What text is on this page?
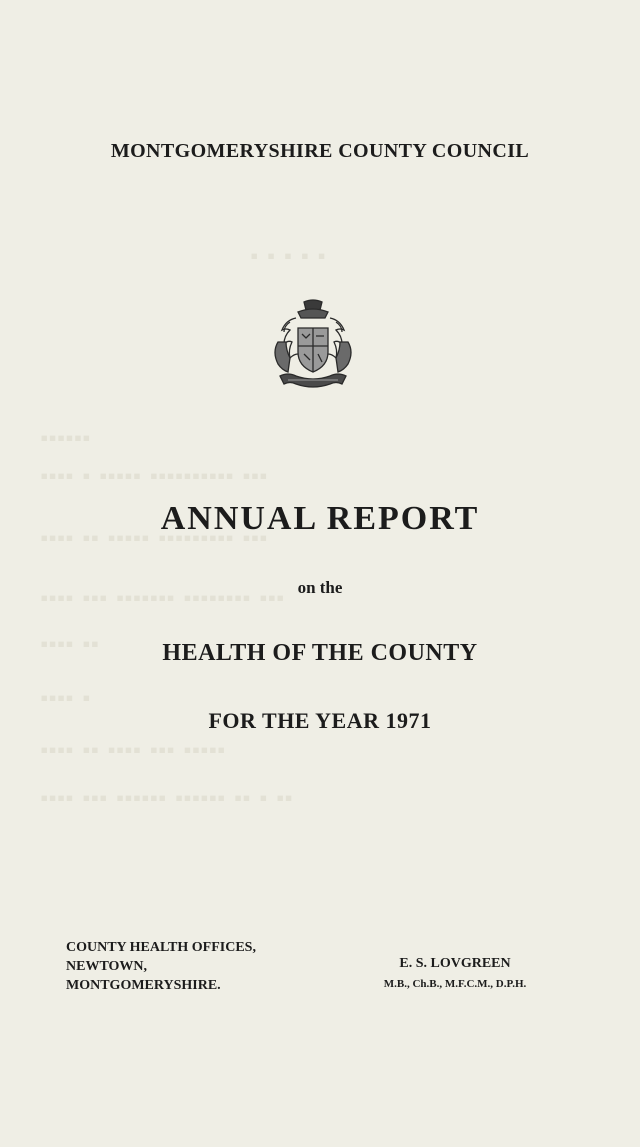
▪ ▪ ▪ ▪ ▪
▪▪▪▪▪▪
▪▪▪▪ ▪ ▪▪▪▪▪ ▪▪▪▪▪▪▪▪▪▪ ▪▪▪
▪▪▪▪ ▪▪ ▪▪▪▪▪ ▪▪▪▪▪▪▪▪▪ ▪▪▪
▪▪▪▪ ▪▪▪ ▪▪▪▪▪▪▪ ▪▪▪▪▪▪▪▪ ▪▪▪
▪▪▪▪ ▪▪
▪▪▪▪ ▪
▪▪▪▪ ▪▪ ▪▪▪▪ ▪▪▪ ▪▪▪▪▪
▪▪▪▪ ▪▪▪ ▪▪▪▪▪▪ ▪▪▪▪▪▪ ▪▪ ▪ ▪▪
MONTGOMERYSHIRE COUNTY COUNCIL
ANNUAL REPORT
on the
HEALTH OF THE COUNTY
FOR THE YEAR 1971
COUNTY HEALTH OFFICES,
NEWTOWN,
MONTGOMERYSHIRE.
E. S. LOVGREEN
M.B., Ch.B., M.F.C.M., D.P.H.
